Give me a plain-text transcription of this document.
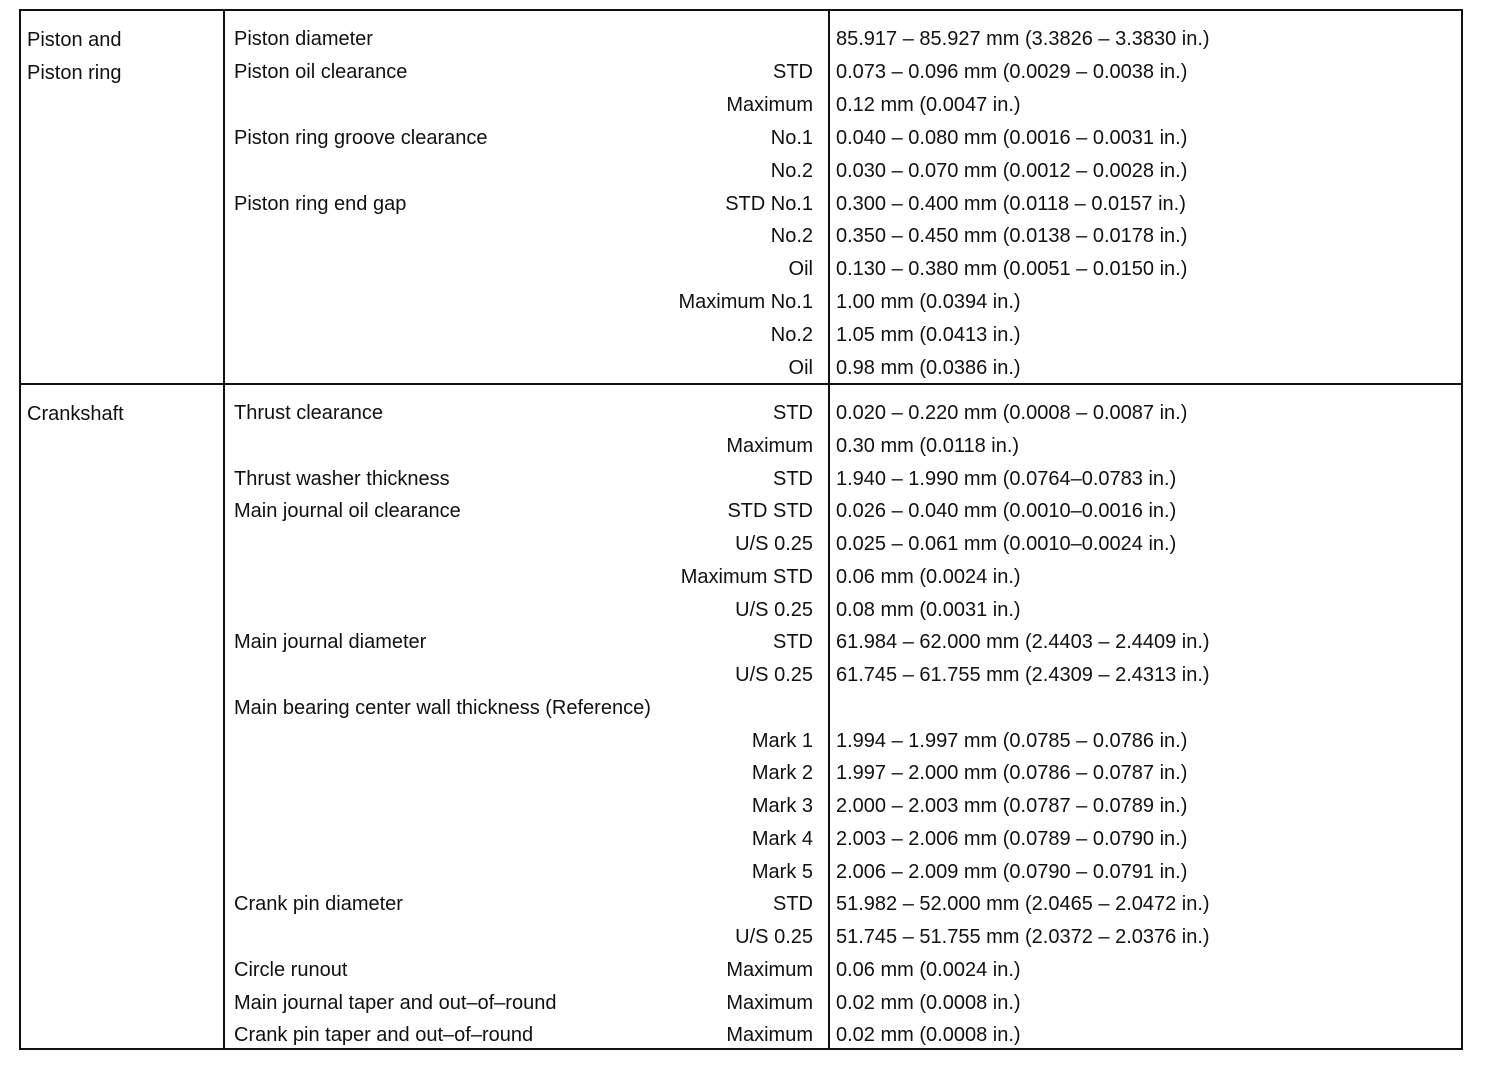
Piston and
Piston ring
Piston diameter	85.917 – 85.927 mm (3.3826 – 3.3830 in.)
Piston oil clearance	STD 0.073 – 0.096 mm (0.0029 – 0.0038 in.)
Maximum 0.12 mm (0.0047 in.)
Piston ring groove clearance	No.1 0.040 – 0.080 mm (0.0016 – 0.0031 in.)
No.2 0.030 – 0.070 mm (0.0012 – 0.0028 in.)
Piston ring end gap	STD No.1 0.300 – 0.400 mm (0.0118 – 0.0157 in.)
No.2 0.350 – 0.450 mm (0.0138 – 0.0178 in.)
Oil 0.130 – 0.380 mm (0.0051 – 0.0150 in.)
Maximum No.1 1.00 mm (0.0394 in.)
No.2 1.05 mm (0.0413 in.)
Oil 0.98 mm (0.0386 in.)
Crankshaft	Thrust clearance	STD 0.020 – 0.220 mm (0.0008 – 0.0087 in.)
Maximum 0.30 mm (0.0118 in.)
Thrust washer thickness	STD 1.940 – 1.990 mm (0.0764–0.0783 in.)
Main journal oil clearance	STD STD 0.026 – 0.040 mm (0.0010–0.0016 in.)
U/S 0.25 0.025 – 0.061 mm (0.0010–0.0024 in.)
Maximum STD 0.06 mm (0.0024 in.)
U/S 0.25 0.08 mm (0.0031 in.)
Main journal diameter	STD 61.984 – 62.000 mm (2.4403 – 2.4409 in.)
U/S 0.25 61.745 – 61.755 mm (2.4309 – 2.4313 in.)
Main bearing center wall thickness (Reference)
Mark 1 1.994 – 1.997 mm (0.0785 – 0.0786 in.)
Mark 2 1.997 – 2.000 mm (0.0786 – 0.0787 in.)
Mark 3 2.000 – 2.003 mm (0.0787 – 0.0789 in.)
Mark 4 2.003 – 2.006 mm (0.0789 – 0.0790 in.)
Mark 5 2.006 – 2.009 mm (0.0790 – 0.0791 in.)
Crank pin diameter	STD 51.982 – 52.000 mm (2.0465 – 2.0472 in.)
U/S 0.25 51.745 – 51.755 mm (2.0372 – 2.0376 in.)
Circle runout	Maximum 0.06 mm (0.0024 in.)
Main journal taper and out–of–round	Maximum 0.02 mm (0.0008 in.)
Crank pin taper and out–of–round	Maximum 0.02 mm (0.0008 in.)
